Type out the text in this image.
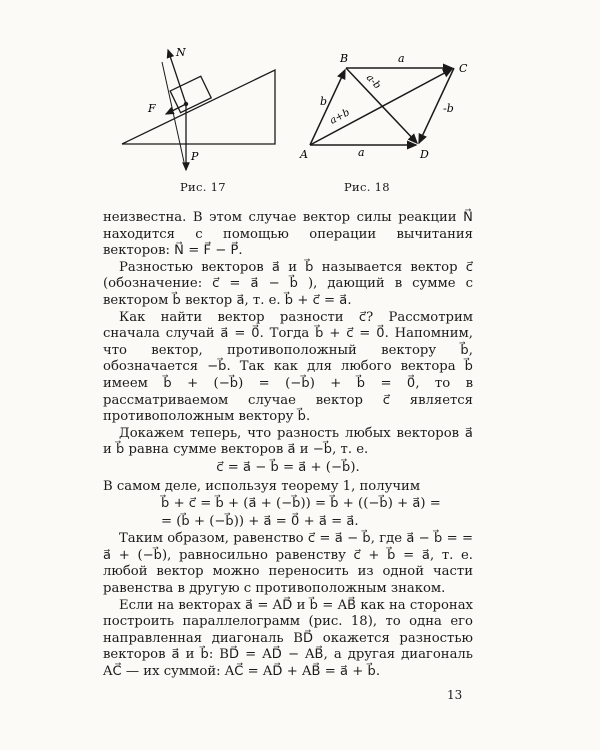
N
F
P
Рис. 17
A
B
C
D
a
a
b
-b
a+b
a-b
Рис. 18

неизвестна. В этом случае вектор силы реакции N⃗ находится с помощью операции вычитания векторов: N⃗ = F⃗ − P⃗.

Разностью векторов a⃗ и b⃗ называется вектор c⃗ (обозначение: c⃗ = a⃗ − b⃗ ), дающий в сумме с вектором b⃗ вектор a⃗, т. е. b⃗ + c⃗ = a⃗.

Как найти вектор разности c⃗? Рассмотрим сначала случай a⃗ = 0⃗. Тогда b⃗ + c⃗ = 0⃗. Напомним, что вектор, противоположный вектору b⃗, обозначается −b⃗. Так как для любого вектора b⃗ имеем b⃗ + (−b⃗) = (−b⃗) + b⃗ = 0⃗, то в рассматриваемом случае вектор c⃗ является противоположным вектору b⃗.

Докажем теперь, что разность любых векторов a⃗ и b⃗ равна сумме векторов a⃗ и −b⃗, т. е.

c⃗ = a⃗ − b⃗ = a⃗ + (−b⃗).

В самом деле, используя теорему 1, получим

b⃗ + c⃗ = b⃗ + (a⃗ + (−b⃗)) = b⃗ + ((−b⃗) + a⃗) =

= (b⃗ + (−b⃗)) + a⃗ = 0⃗ + a⃗ = a⃗.

Таким образом, равенство c⃗ = a⃗ − b⃗, где a⃗ − b⃗ = = a⃗ + (−b⃗), равносильно равенству c⃗ + b⃗ = a⃗, т. е. любой вектор можно переносить из одной части равенства в другую с противоположным знаком.

Если на векторах a⃗ = AD⃗ и b⃗ = AB⃗ как на сторонах построить параллелограмм (рис. 18), то одна его направленная диагональ BD⃗ окажется разностью векторов a⃗ и b⃗: BD⃗ = AD⃗ − AB⃗, а другая диагональ AC⃗ — их суммой: AC⃗ = AD⃗ + AB⃗ = a⃗ + b⃗.

13
